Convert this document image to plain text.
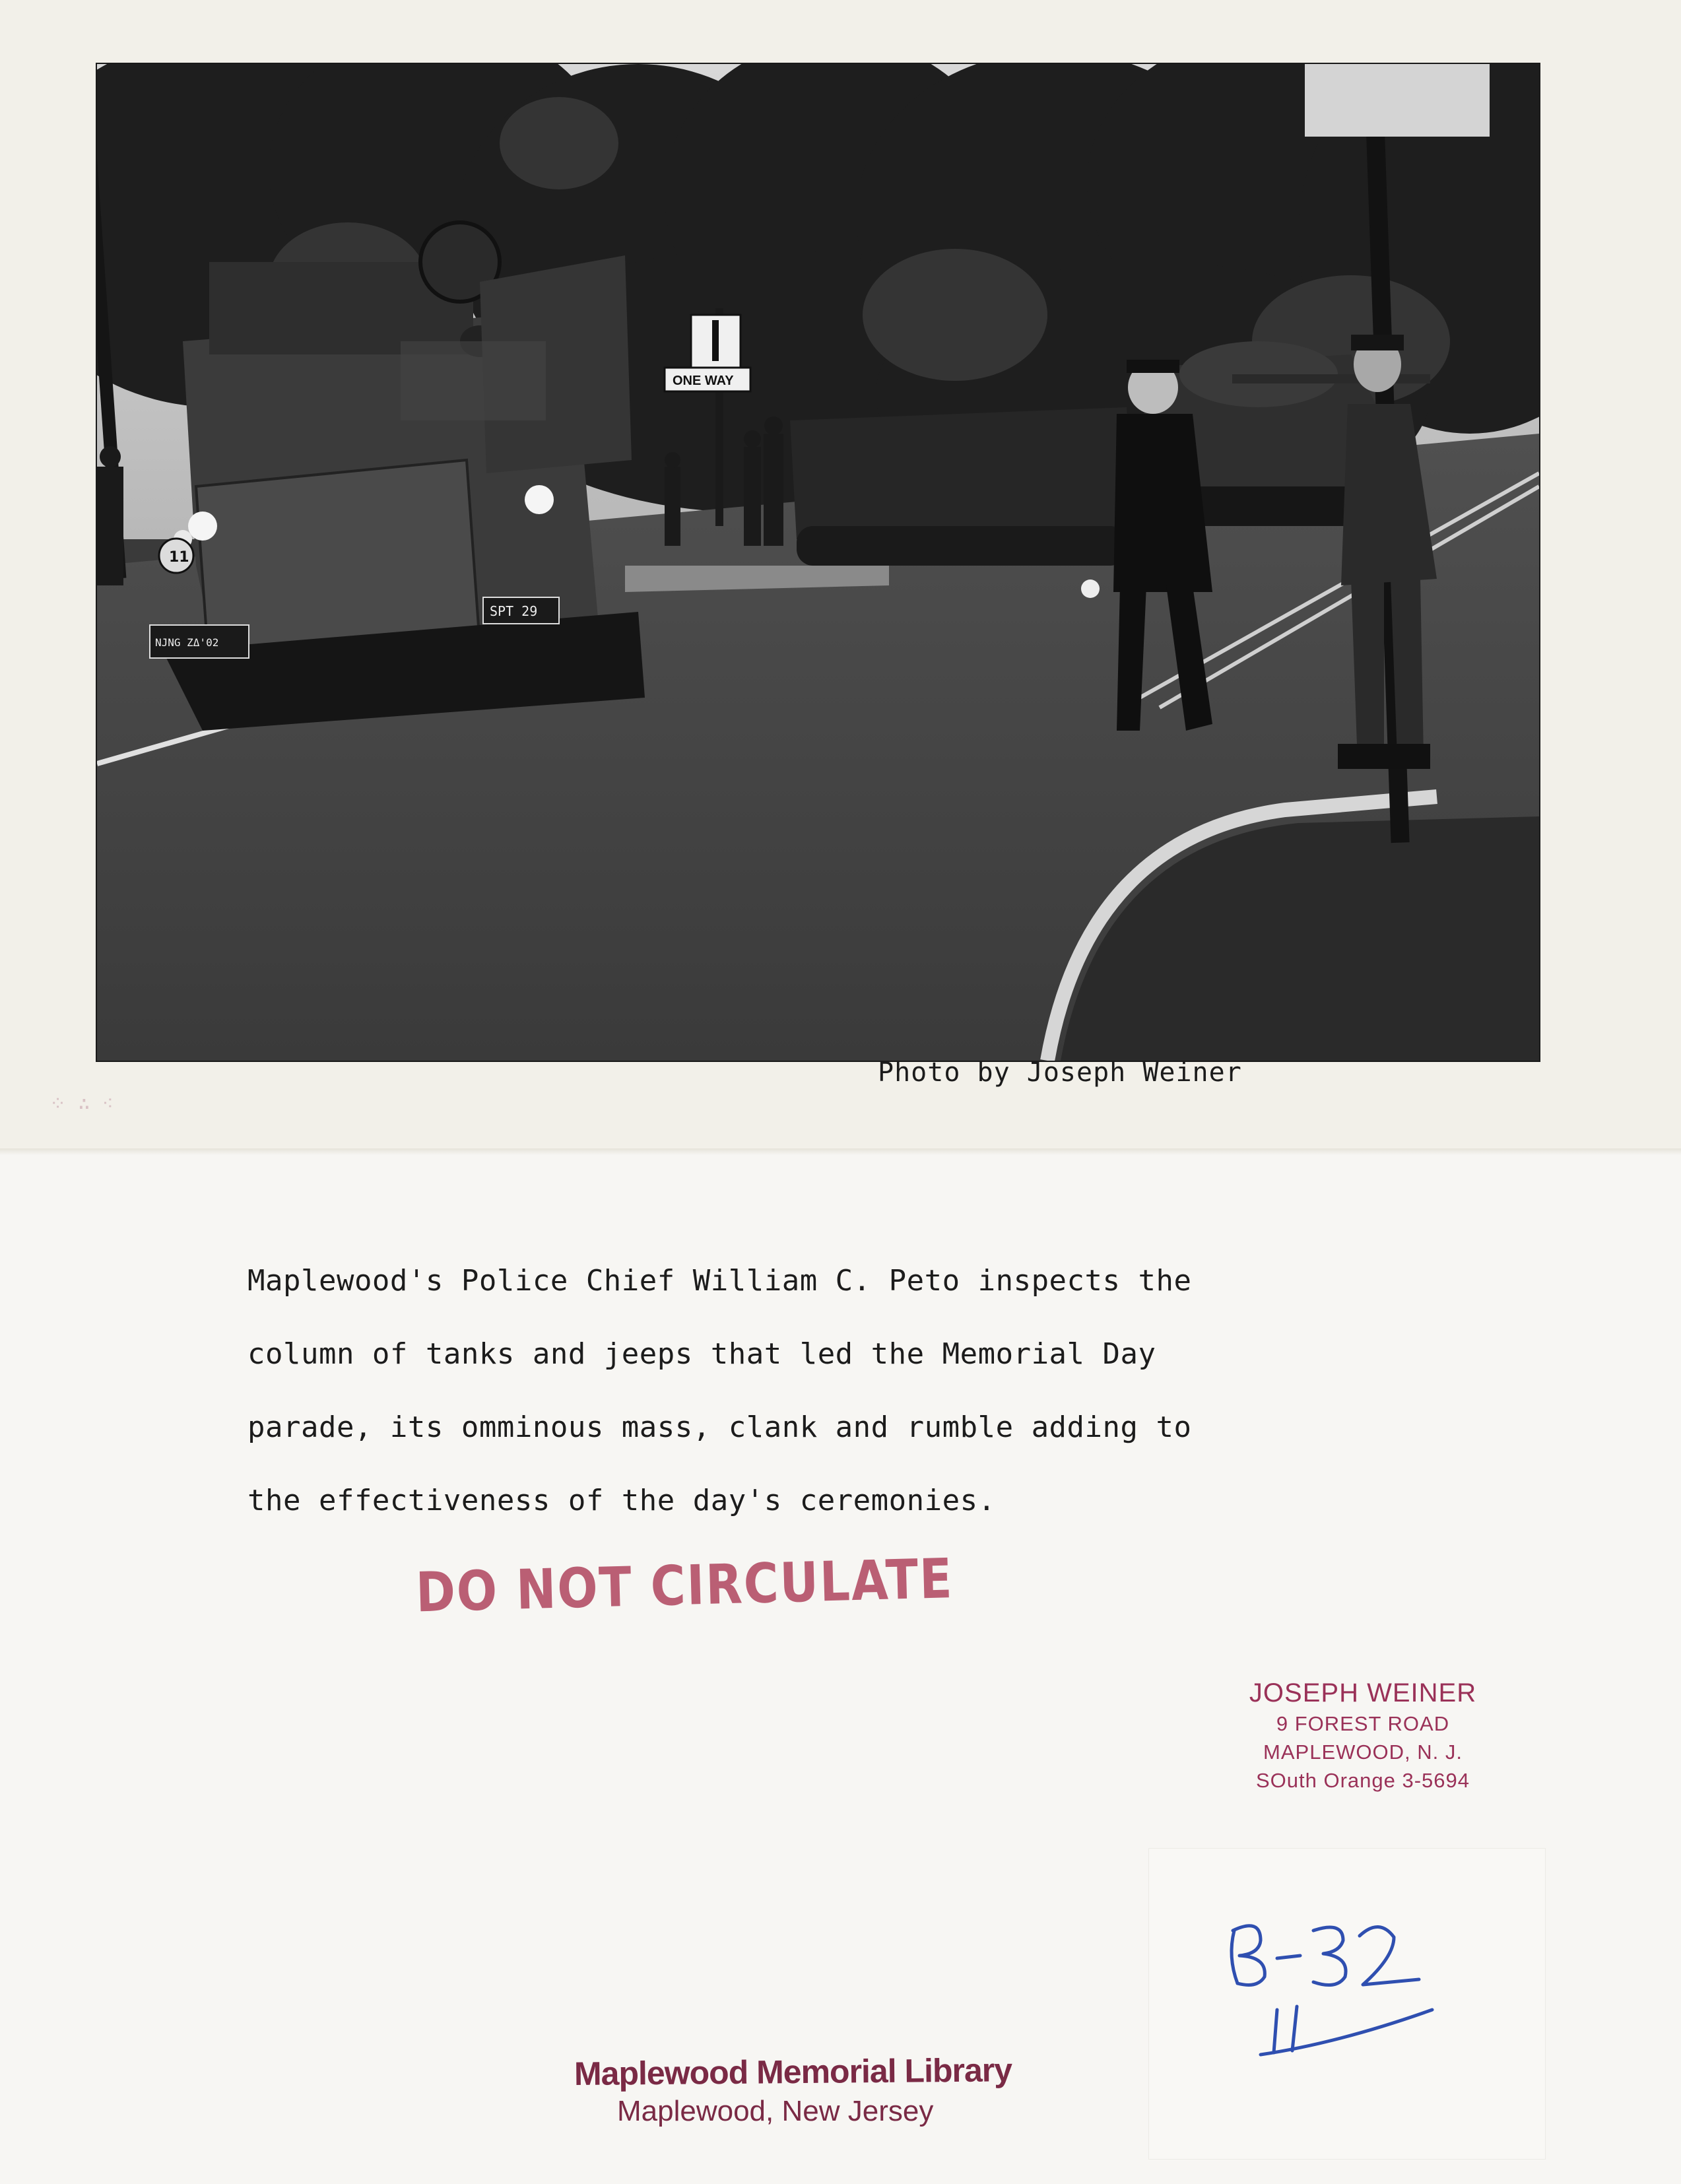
ONE WAY
11
NJNG ZΔ'02
SPT 29
Photo by Joseph Weiner
⁘ ∴ ⁖
Maplewood's Police Chief William C. Peto inspects the
column of tanks and jeeps that led the Memorial Day
parade, its omminous mass, clank and rumble adding to
the effectiveness of the day's ceremonies.
DO NOT CIRCULATE
JOSEPH WEINER
9 FOREST ROAD
MAPLEWOOD, N. J.
SOuth Orange 3-5694
Maplewood Memorial Library
Maplewood, New Jersey
